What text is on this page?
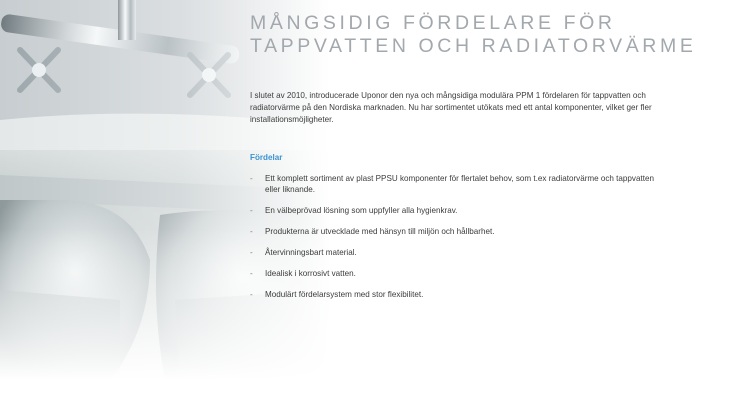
MÅNGSIDIG FÖRDELARE FÖR
TAPPVATTEN OCH RADIATORVÄRME

I slutet av 2010, introducerade Uponor den nya och mångsidiga modulära PPM 1 fördelaren för tappvatten och radiatorvärme på den Nordiska marknaden. Nu har sortimentet utökats med ett antal komponenter, vilket ger fler installationsmöjligheter.

Fördelar
- Ett komplett sortiment av plast PPSU komponenter för flertalet behov, som t.ex radiatorvärme och tappvatten eller liknande.
- En välbeprövad lösning som uppfyller alla hygienkrav.
- Produkterna är utvecklade med hänsyn till miljön och hållbarhet.
- Återvinningsbart material.
- Idealisk i korrosivt vatten.
- Modulärt fördelarsystem med stor flexibilitet.
